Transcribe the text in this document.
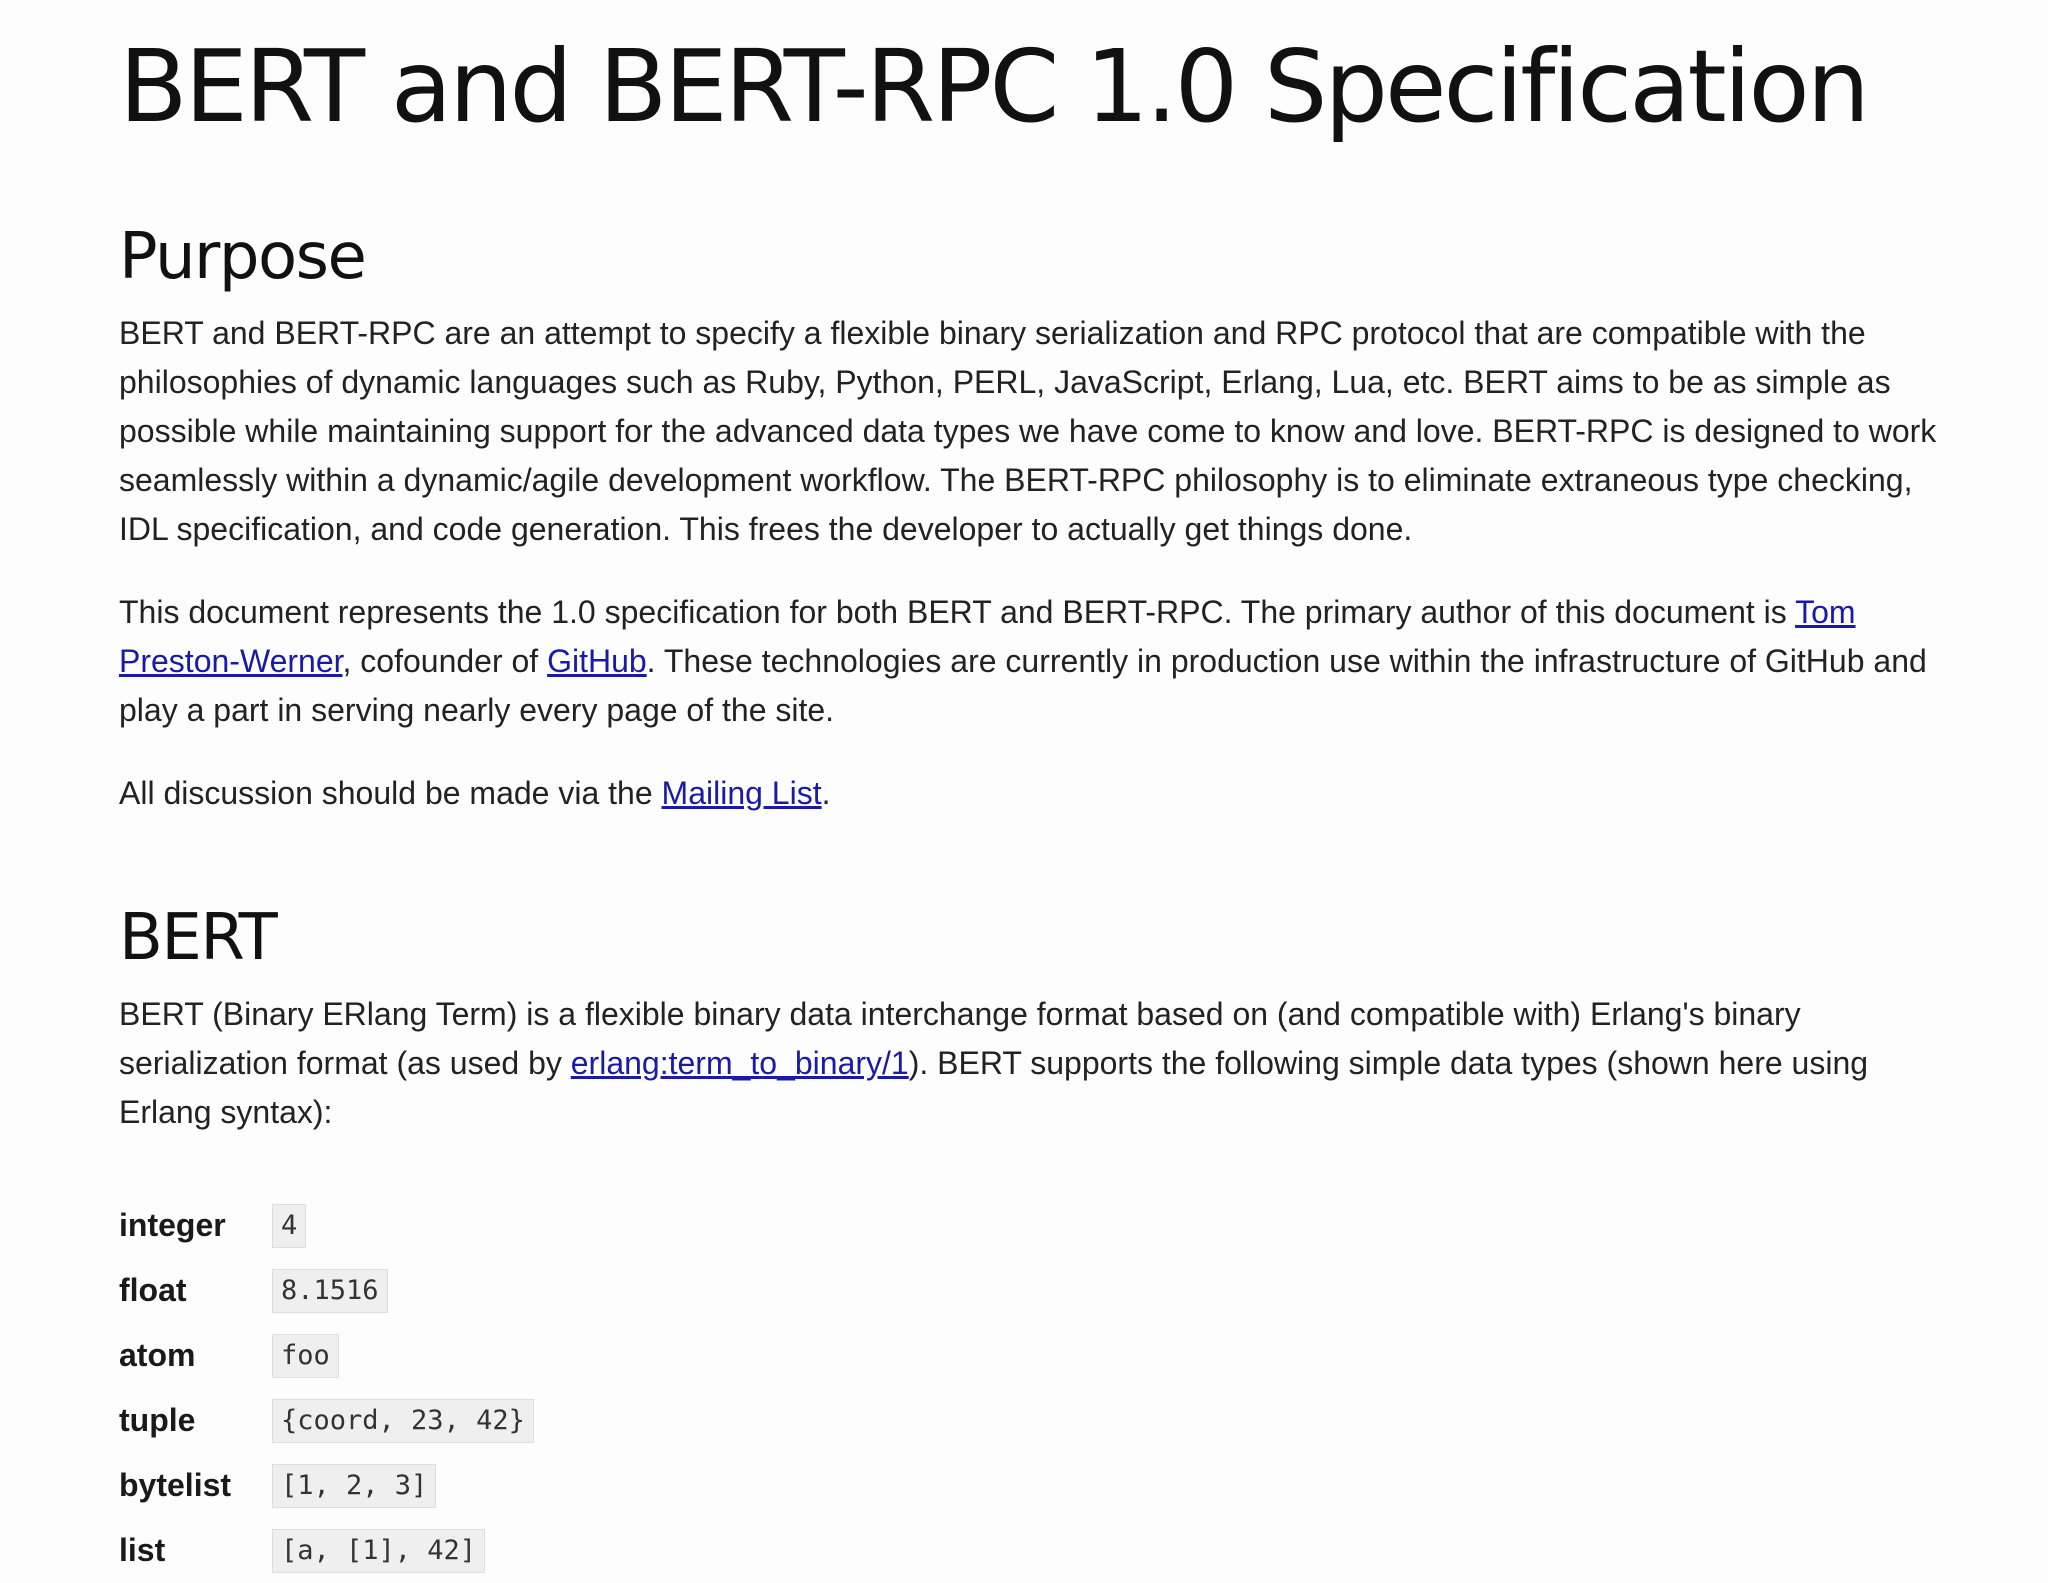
BERT and BERT-RPC 1.0 Specification
Purpose

BERT and BERT-RPC are an attempt to specify a flexible binary serialization and RPC protocol that are compatible with the philosophies of dynamic languages such as Ruby, Python, PERL, JavaScript, Erlang, Lua, etc. BERT aims to be as simple as possible while maintaining support for the advanced data types we have come to know and love. BERT-RPC is designed to work seamlessly within a dynamic/agile development workflow. The BERT-RPC philosophy is to eliminate extraneous type checking, IDL specification, and code generation. This frees the developer to actually get things done.

This document represents the 1.0 specification for both BERT and BERT-RPC. The primary author of this document is Tom Preston-Werner, cofounder of GitHub. These technologies are currently in production use within the infrastructure of GitHub and play a part in serving nearly every page of the site.

All discussion should be made via the Mailing List.

BERT

BERT (Binary ERlang Term) is a flexible binary data interchange format based on (and compatible with) Erlang's binary serialization format (as used by erlang:term_to_binary/1). BERT supports the following simple data types (shown here using Erlang syntax):

integer	4
float	8.1516
atom	foo
tuple	{coord, 23, 42}
bytelist	[1, 2, 3]
list	[a, [1], 42]
